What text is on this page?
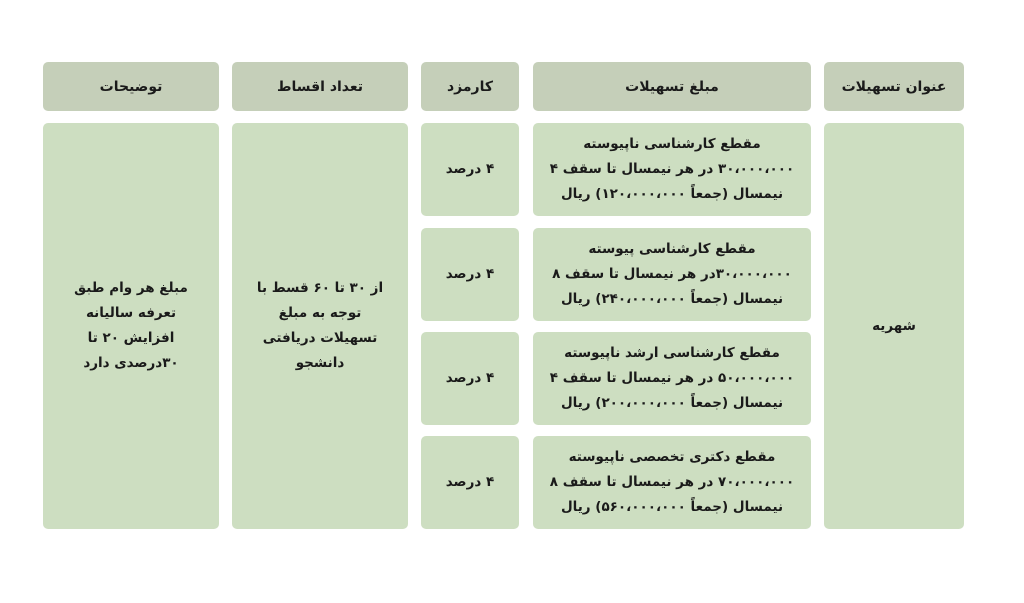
عنوان تسهیلات
مبلغ تسهیلات
کارمزد
تعداد اقساط
توضیحات
شهریه
مقطع کارشناسی ناپیوسته ۳۰،۰۰۰،۰۰۰ در هر نیمسال تا سقف ۴ نیمسال (جمعاً ۱۲۰،۰۰۰،۰۰۰) ریال
مقطع کارشناسی پیوسته ۳۰،۰۰۰،۰۰۰در هر نیمسال تا سقف ۸ نیمسال (جمعاً ۲۴۰،۰۰۰،۰۰۰) ریال
مقطع کارشناسی ارشد ناپیوسته ۵۰،۰۰۰،۰۰۰ در هر نیمسال تا سقف ۴ نیمسال (جمعاً ۲۰۰،۰۰۰،۰۰۰) ریال
مقطع دکتری تخصصی ناپیوسته ۷۰،۰۰۰،۰۰۰ در هر نیمسال تا سقف ۸ نیمسال (جمعاً ۵۶۰،۰۰۰،۰۰۰) ریال
۴ درصد
۴ درصد
۴ درصد
۴ درصد
از ۳۰ تا ۶۰ قسط با توجه به مبلغ تسهیلات دریافتی دانشجو
مبلغ هر وام طبق تعرفه سالیانه افزایش ۲۰ تا ۳۰درصدی دارد
